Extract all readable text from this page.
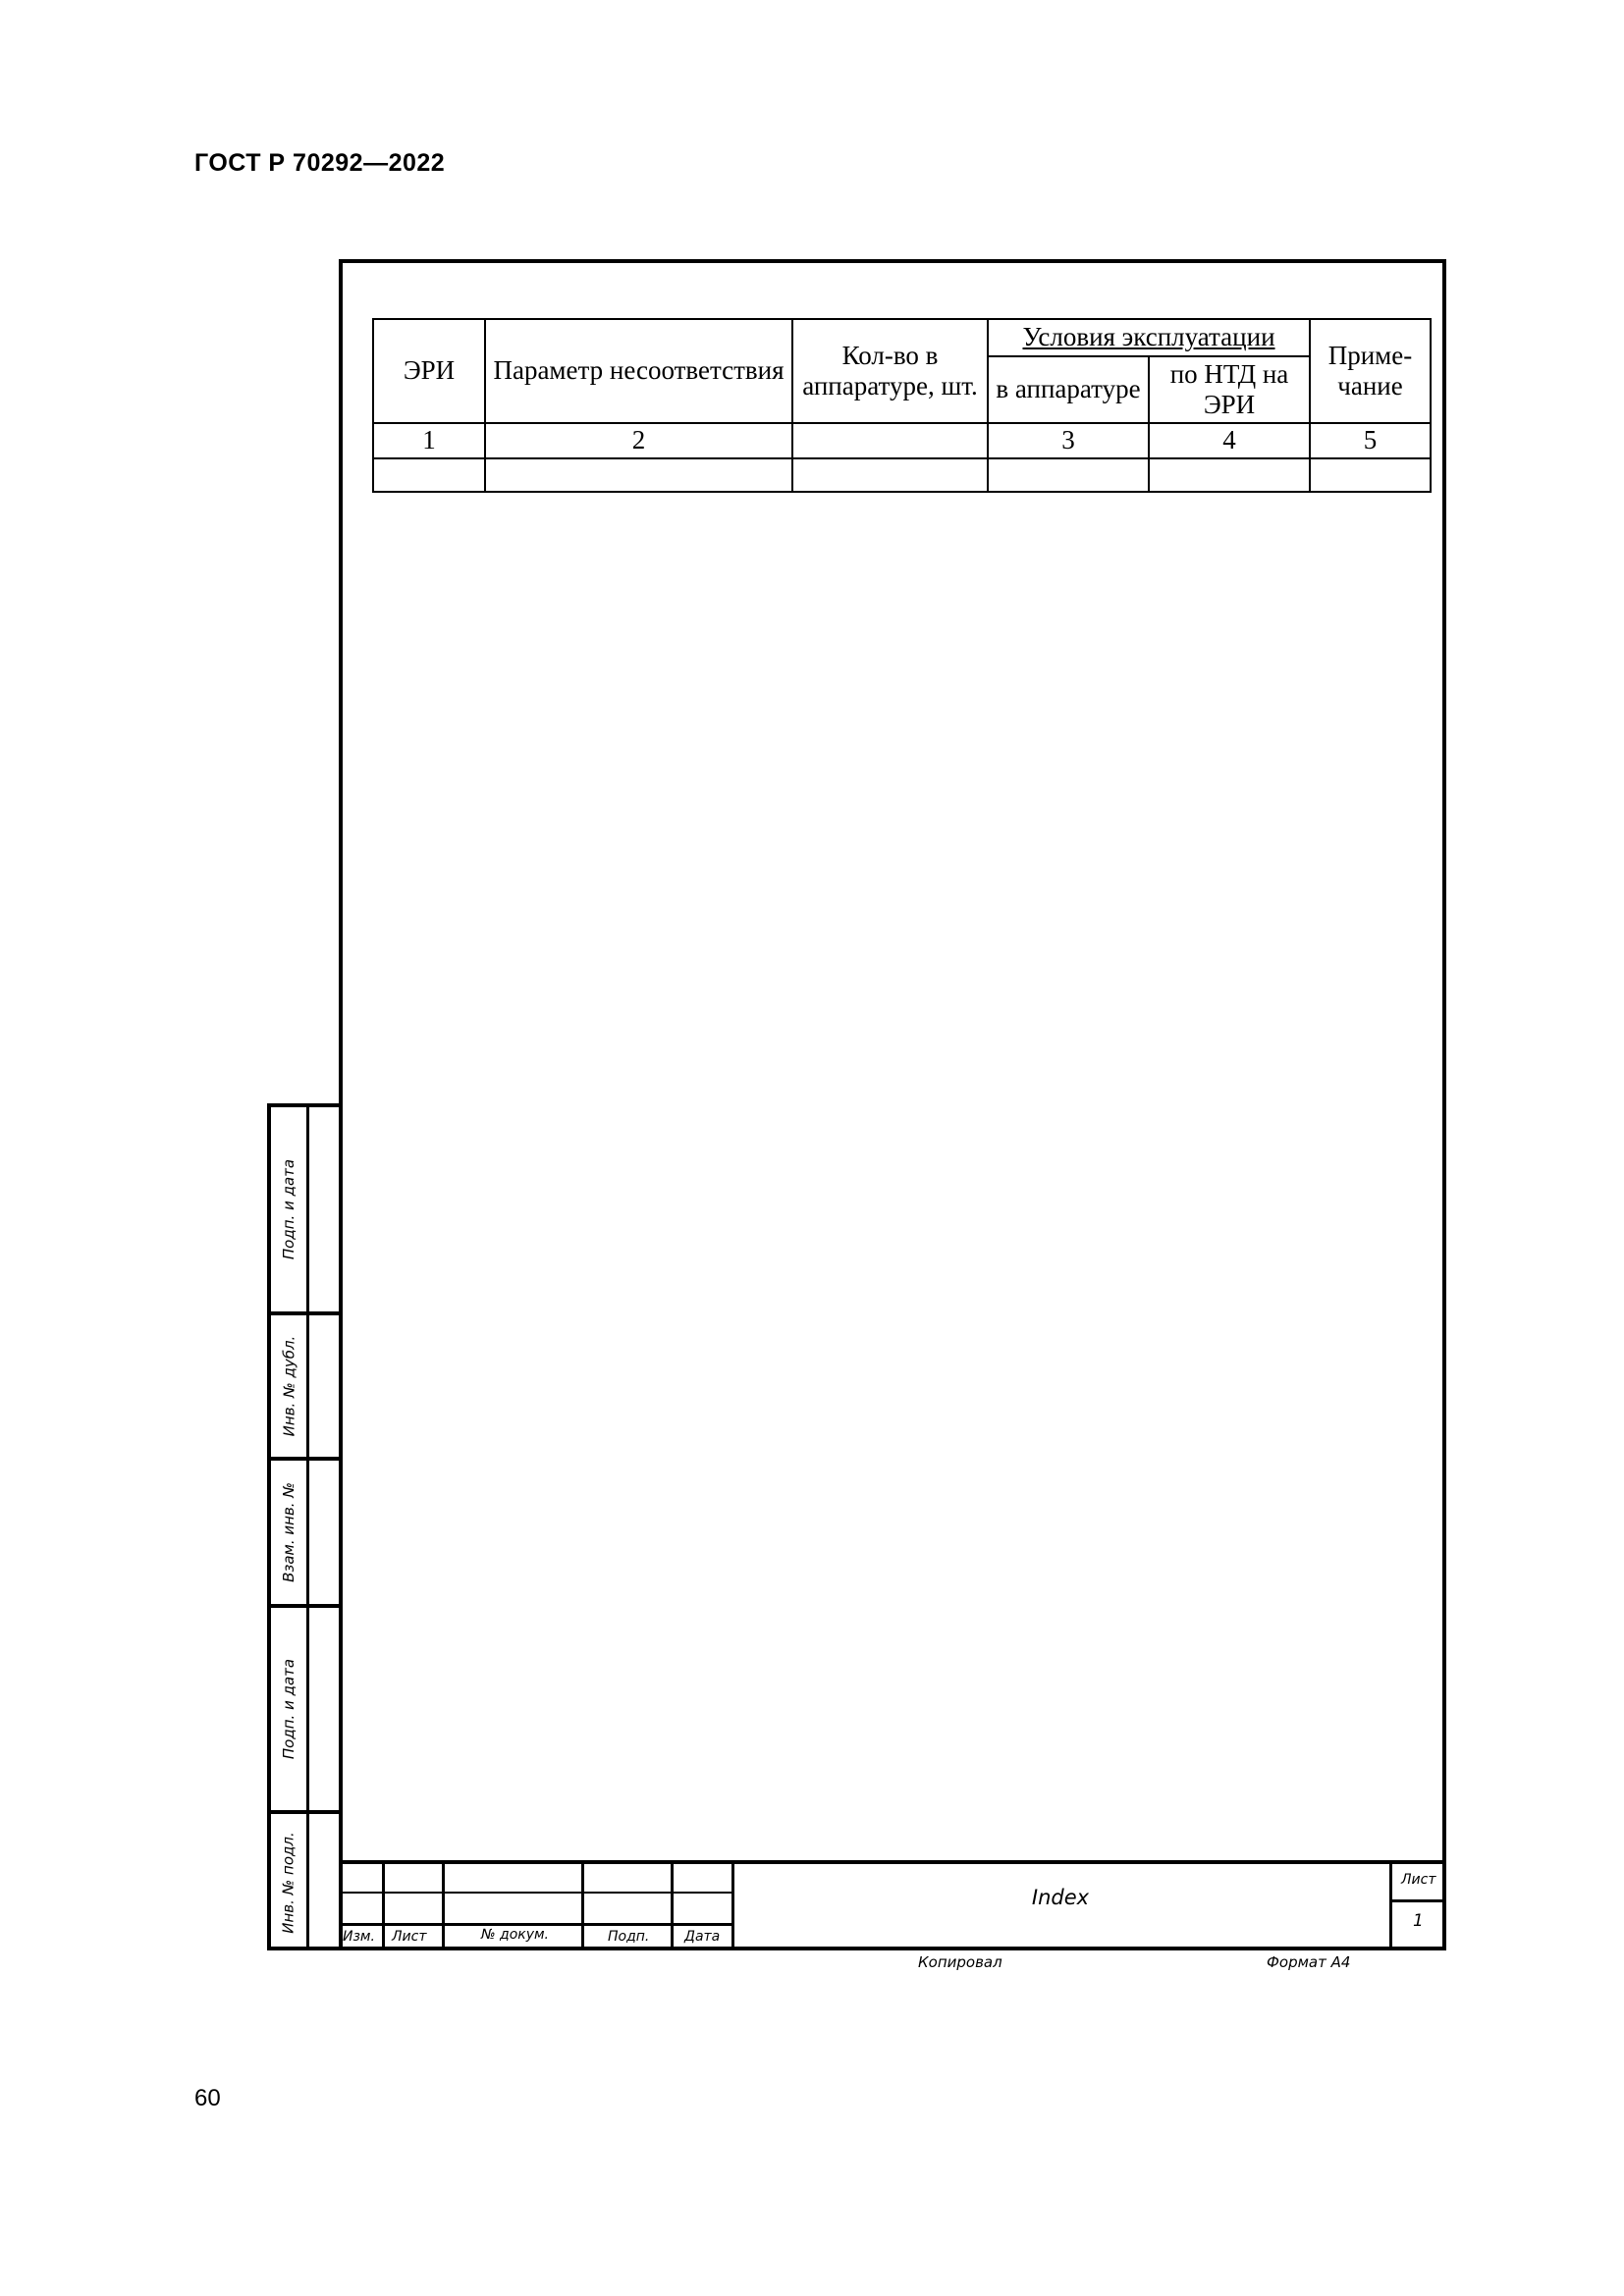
ГОСТ Р 70292—2022
ЭРИ	Параметр несоответствия	Кол-во в аппаратуре, шт.	Условия эксплуатации		Приме-чание
			в аппаратуре	по НТД на ЭРИ	
1	2		3	4	5

Подп. и дата
Инв. № дубл.
Взам. инв. №
Подп. и дата
Инв. № подл.
Изм. Лист	№ докум.	Подп.	Дата
Index
Лист
1
Копировал	Формат А4
60
